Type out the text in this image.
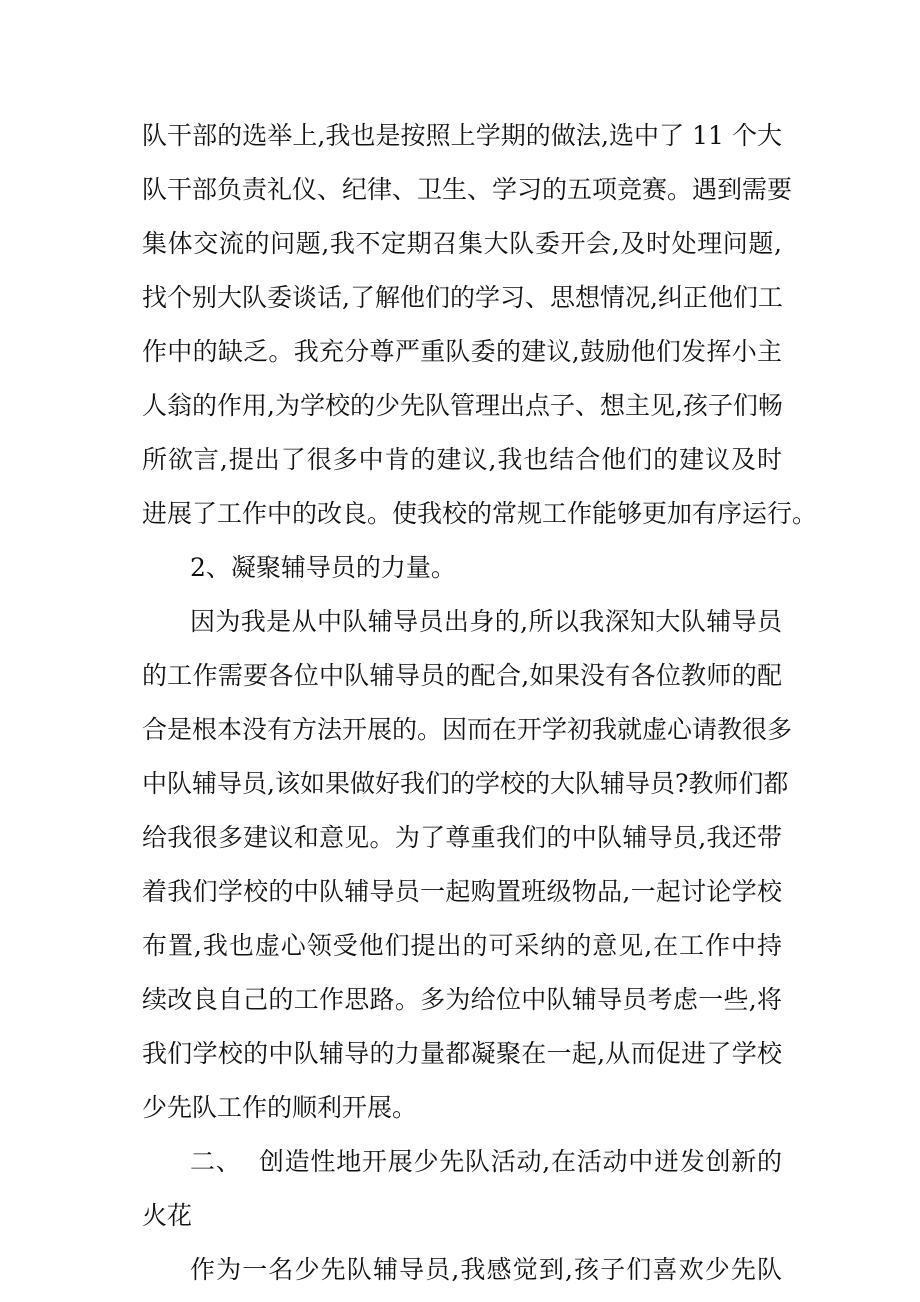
队干部的选举上,我也是按照上学期的做法,选中了 11 个大
队干部负责礼仪、纪律、卫生、学习的五项竞赛。遇到需要
集体交流的问题,我不定期召集大队委开会,及时处理问题,
找个别大队委谈话,了解他们的学习、思想情况,纠正他们工
作中的缺乏。我充分尊严重队委的建议,鼓励他们发挥小主
人翁的作用,为学校的少先队管理出点子、想主见,孩子们畅
所欲言,提出了很多中肯的建议,我也结合他们的建议及时
进展了工作中的改良。使我校的常规工作能够更加有序运行。
2、凝聚辅导员的力量。
因为我是从中队辅导员出身的,所以我深知大队辅导员
的工作需要各位中队辅导员的配合,如果没有各位教师的配
合是根本没有方法开展的。因而在开学初我就虚心请教很多
中队辅导员,该如果做好我们的学校的大队辅导员?教师们都
给我很多建议和意见。为了尊重我们的中队辅导员,我还带
着我们学校的中队辅导员一起购置班级物品,一起讨论学校
布置,我也虚心领受他们提出的可采纳的意见,在工作中持
续改良自己的工作思路。多为给位中队辅导员考虑一些,将
我们学校的中队辅导的力量都凝聚在一起,从而促进了学校
少先队工作的顺利开展。
二、  创造性地开展少先队活动,在活动中迸发创新的
火花
作为一名少先队辅导员,我感觉到,孩子们喜欢少先队
